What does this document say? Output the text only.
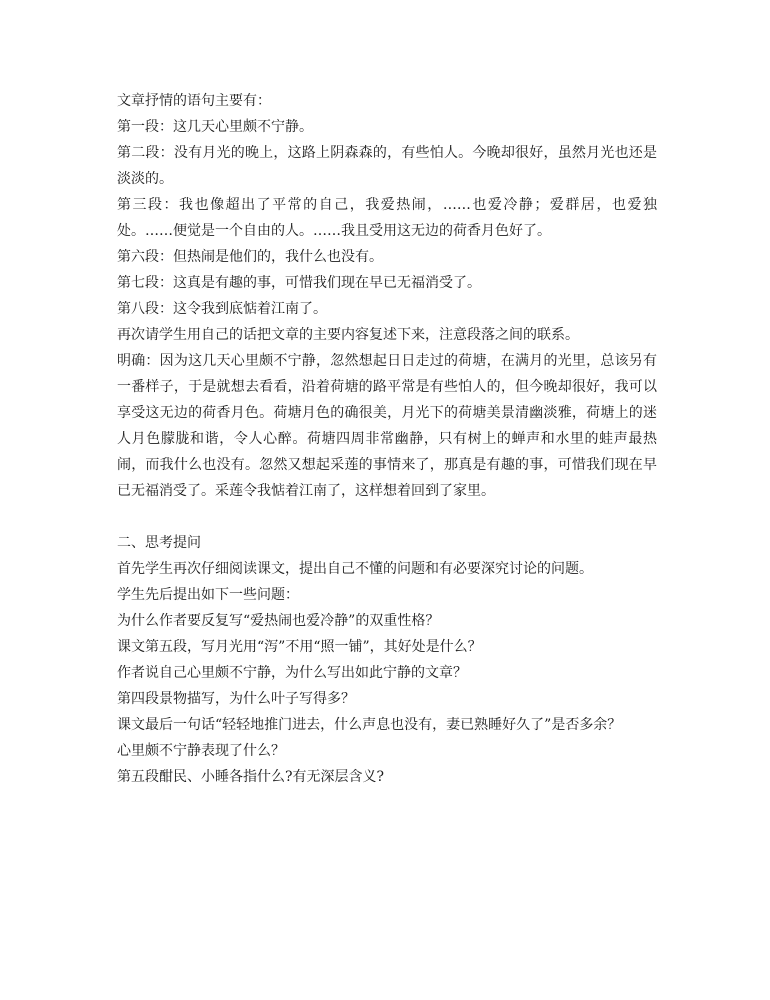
文章抒情的语句主要有：
第一段：这几天心里颇不宁静。
第二段：没有月光的晚上，这路上阴森森的，有些怕人。今晚却很好，虽然月光也还是淡淡的。
第三段：我也像超出了平常的自己，我爱热闹，……也爱冷静；爱群居，也爱独处。……便觉是一个自由的人。……我且受用这无边的荷香月色好了。
第六段：但热闹是他们的，我什么也没有。
第七段：这真是有趣的事，可惜我们现在早已无福消受了。
第八段：这令我到底惦着江南了。
再次请学生用自己的话把文章的主要内容复述下来，注意段落之间的联系。
明确：因为这几天心里颇不宁静，忽然想起日日走过的荷塘，在满月的光里，总该另有一番样子，于是就想去看看，沿着荷塘的路平常是有些怕人的，但今晚却很好，我可以享受这无边的荷香月色。荷塘月色的确很美，月光下的荷塘美景清幽淡雅，荷塘上的迷人月色朦胧和谐，令人心醉。荷塘四周非常幽静，只有树上的蝉声和水里的蛙声最热闹，而我什么也没有。忽然又想起采莲的事情来了，那真是有趣的事，可惜我们现在早已无福消受了。采莲令我惦着江南了，这样想着回到了家里。
二、思考提问
首先学生再次仔细阅读课文，提出自己不懂的问题和有必要深究讨论的问题。
学生先后提出如下一些问题：
为什么作者要反复写“爱热闹也爱冷静”的双重性格？
课文第五段，写月光用“泻”不用“照一铺”，其好处是什么？
作者说自己心里颇不宁静，为什么写出如此宁静的文章？
第四段景物描写，为什么叶子写得多？
课文最后一句话“轻轻地推门进去，什么声息也没有，妻已熟睡好久了”是否多余？
心里颇不宁静表现了什么？
第五段酣民、小睡各指什么?有无深层含义?
